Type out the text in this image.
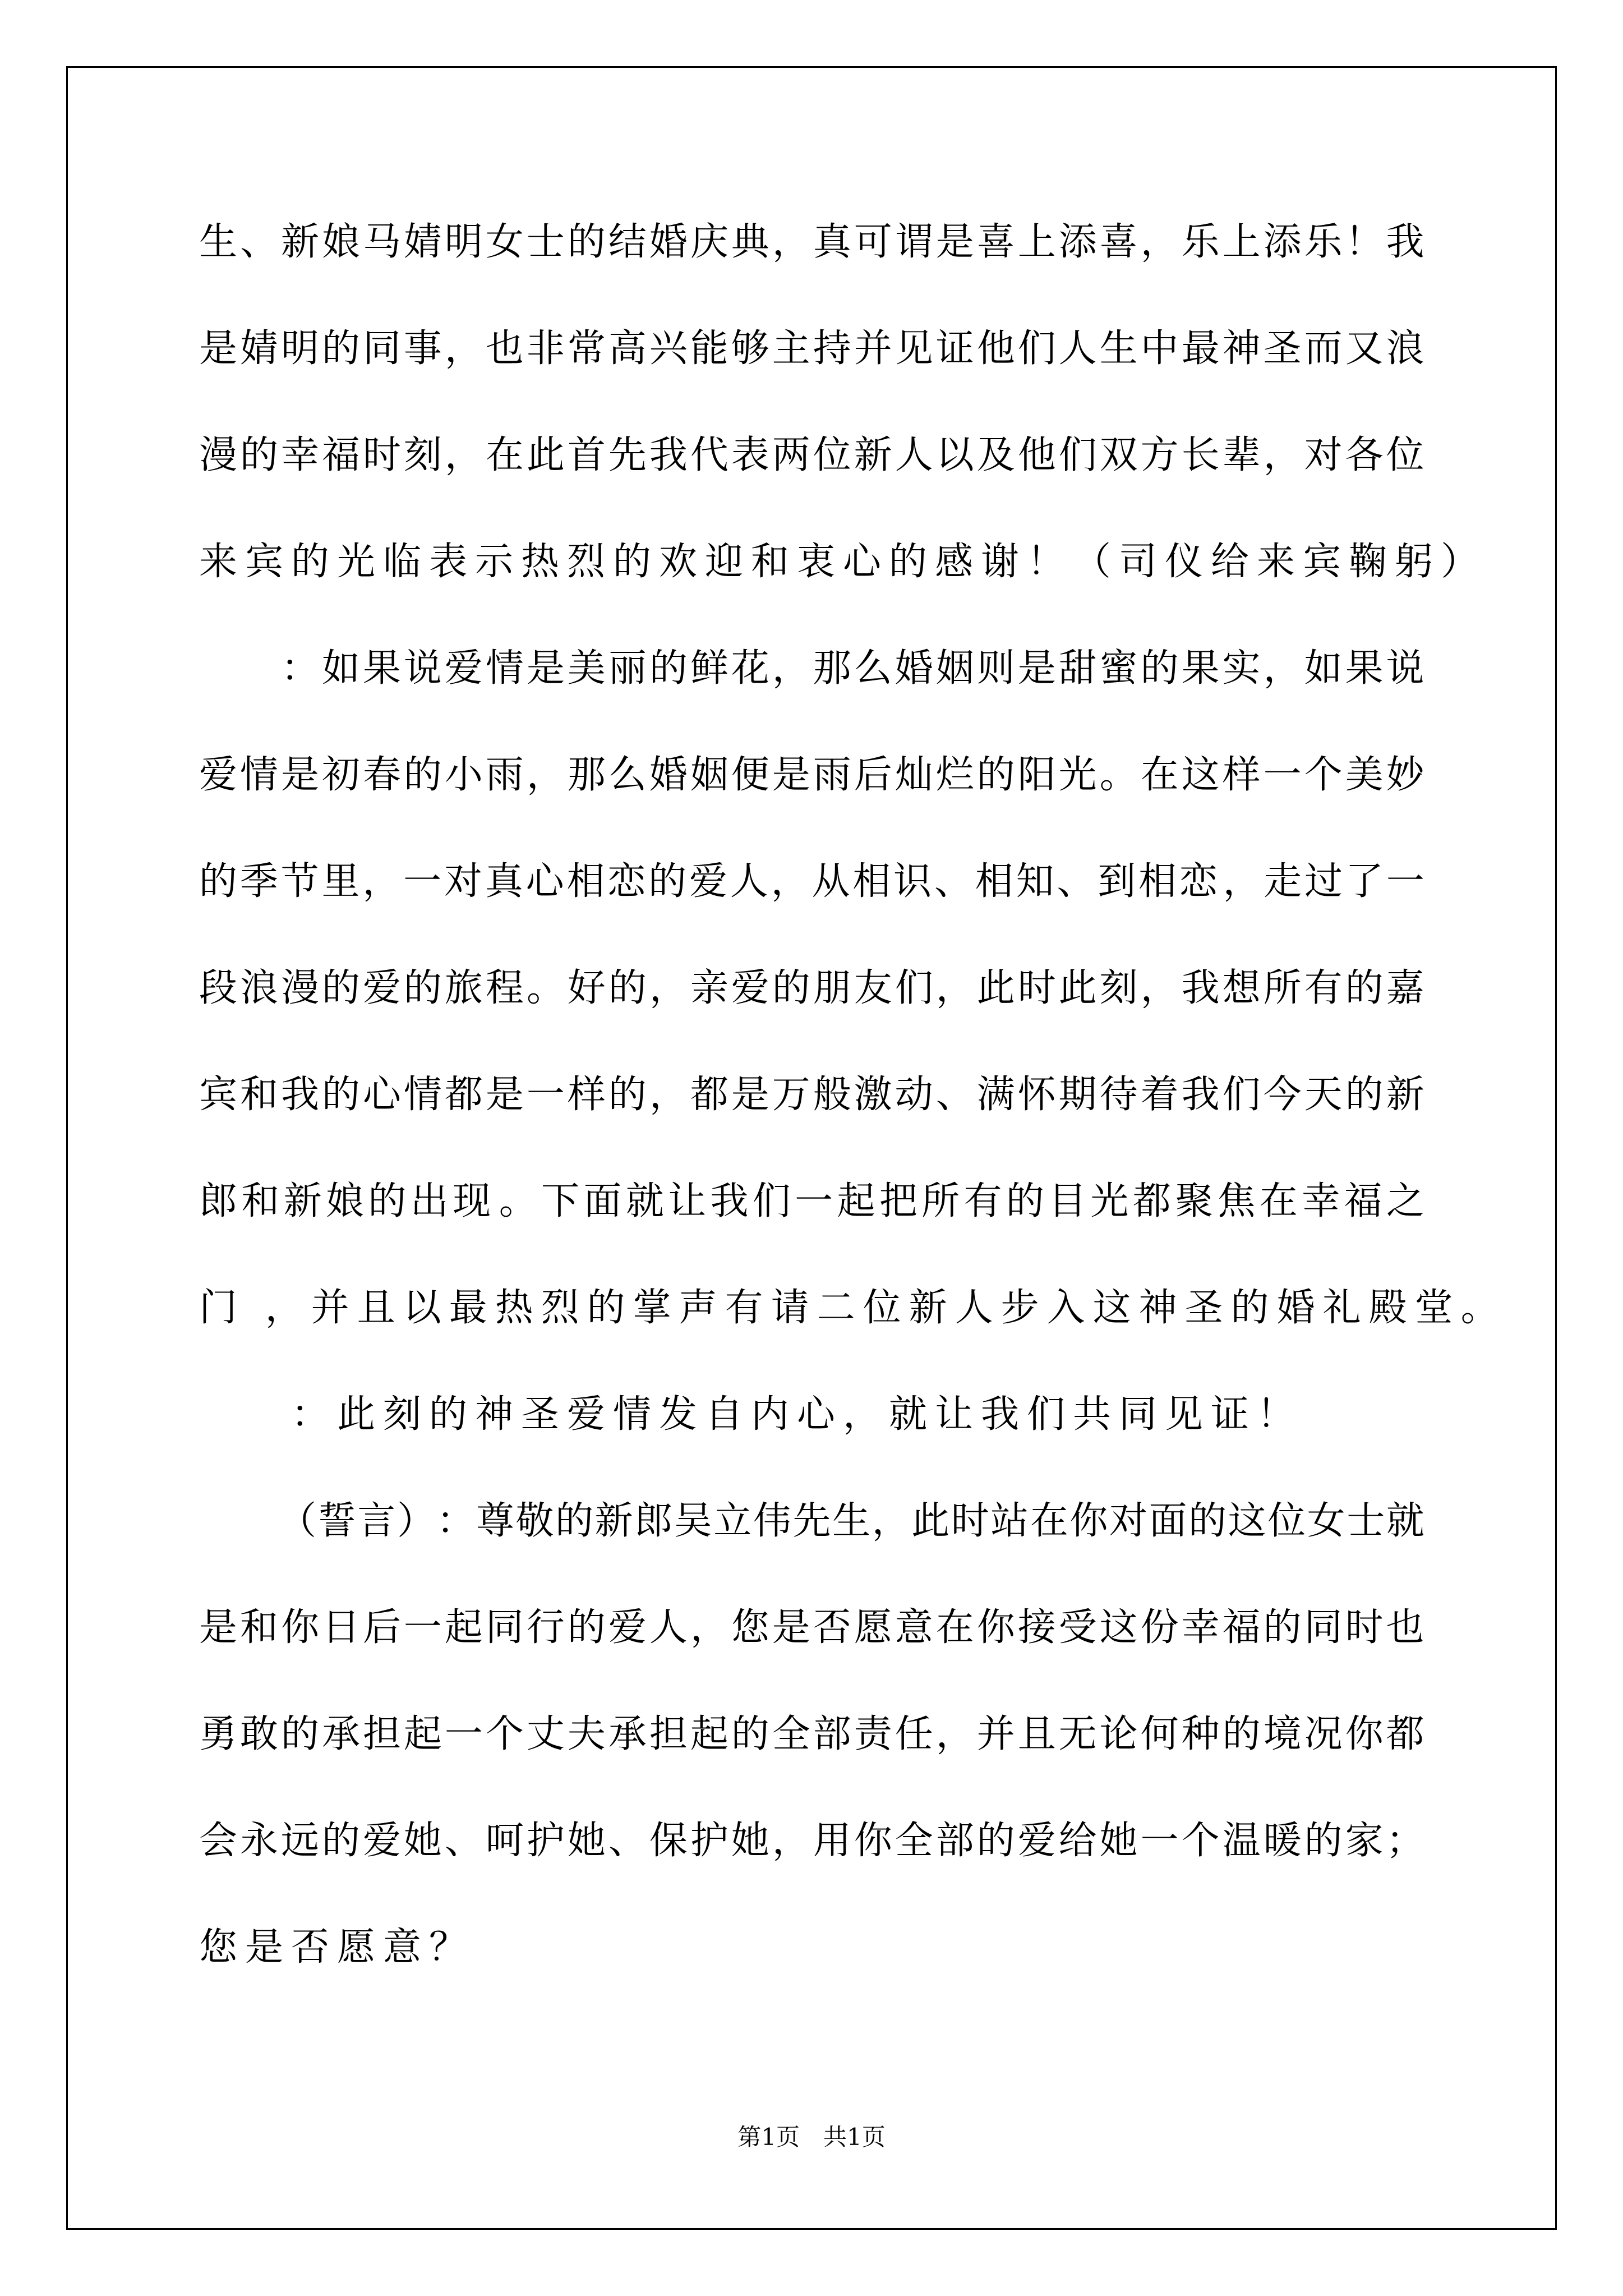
生 、 新 娘 马 婧 明 女 士 的 结 婚 庆 典 ， 真 可 谓 是 喜 上 添 喜 ， 乐 上 添 乐 ！ 我
是 婧 明 的 同 事 ， 也 非 常 高 兴 能 够 主 持 并 见 证 他 们 人 生 中 最 神 圣 而 又 浪
漫 的 幸 福 时 刻 ， 在 此 首 先 我 代 表 两 位 新 人 以 及 他 们 双 方 长 辈 ， 对 各 位
来宾的光临表示热烈的欢迎和衷心的感谢！（司仪给来宾鞠躬）

： 如 果 说 爱 情 是 美 丽 的 鲜 花 ， 那 么 婚 姻 则 是 甜 蜜 的 果 实 ， 如 果 说
爱 情 是 初 春 的 小 雨 ， 那 么 婚 姻 便 是 雨 后 灿 烂 的 阳 光 。 在 这 样 一 个 美 妙
的 季 节 里 ， 一 对 真 心 相 恋 的 爱 人 ， 从 相 识 、 相 知 、 到 相 恋 ， 走 过 了 一
段 浪 漫 的 爱 的 旅 程 。 好 的 ， 亲 爱 的 朋 友 们 ， 此 时 此 刻 ， 我 想 所 有 的 嘉
宾 和 我 的 心 情 都 是 一 样 的 ， 都 是 万 般 激 动 、 满 怀 期 待 着 我 们 今 天 的 新
郎 和 新 娘 的 出 现 。 下 面 就 让 我 们 一 起 把 所 有 的 目 光 都 聚 焦 在 幸 福 之
门 ，并且以最热烈的掌声有请二位新人步入这神圣的婚礼殿堂。
　　：此刻的神圣爱情发自内心，就让我们共同见证！

（ 誓 言 ） ： 尊 敬 的 新 郎 吴 立 伟 先 生 ， 此 时 站 在 你 对 面 的 这 位 女 士 就
是 和 你 日 后 一 起 同 行 的 爱 人 ， 您 是 否 愿 意 在 你 接 受 这 份 幸 福 的 同 时 也
勇 敢 的 承 担 起 一 个 丈 夫 承 担 起 的 全 部 责 任 ， 并 且 无 论 何 种 的 境 况 你 都
会 永 远 的 爱 她 、 呵 护 她 、 保 护 她 ， 用 你 全 部 的 爱 给 她 一 个 温 暖 的 家 ；
您是否愿意？
第1页　共1页
